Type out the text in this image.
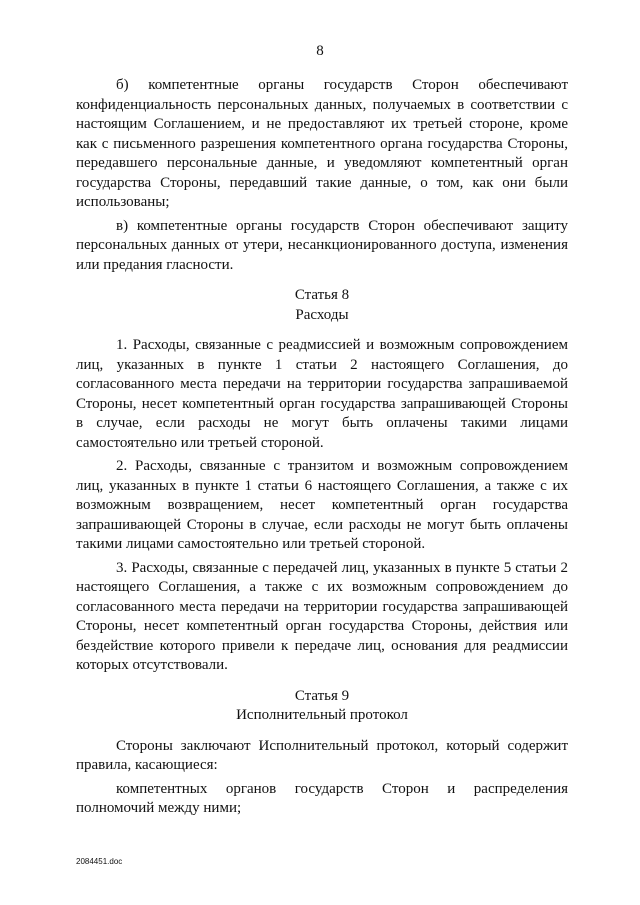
8

б) компетентные органы государств Сторон обеспечивают конфиденциальность персональных данных, получаемых в соответствии с настоящим Соглашением, и не предоставляют их третьей стороне, кроме как с письменного разрешения компетентного органа государства Стороны, передавшего персональные данные, и уведомляют компетентный орган государства Стороны, передавший такие данные, о том, как они были использованы;

в) компетентные органы государств Сторон обеспечивают защиту персональных данных от утери, несанкционированного доступа, изменения или предания гласности.

Статья 8
Расходы

1. Расходы, связанные с реадмиссией и возможным сопровождением лиц, указанных в пункте 1 статьи 2 настоящего Соглашения, до согласованного места передачи на территории государства запрашиваемой Стороны, несет компетентный орган государства запрашивающей Стороны в случае, если расходы не могут быть оплачены такими лицами самостоятельно или третьей стороной.

2. Расходы, связанные с транзитом и возможным сопровождением лиц, указанных в пункте 1 статьи 6 настоящего Соглашения, а также с их возможным возвращением, несет компетентный орган государства запрашивающей Стороны в случае, если расходы не могут быть оплачены такими лицами самостоятельно или третьей стороной.

3. Расходы, связанные с передачей лиц, указанных в пункте 5 статьи 2 настоящего Соглашения, а также с их возможным сопровождением до согласованного места передачи на территории государства запрашивающей Стороны, несет компетентный орган государства Стороны, действия или бездействие которого привели к передаче лиц, основания для реадмиссии которых отсутствовали.

Статья 9
Исполнительный протокол

Стороны заключают Исполнительный протокол, который содержит правила, касающиеся:

компетентных органов государств Сторон и распределения полномочий между ними;

2084451.doc
